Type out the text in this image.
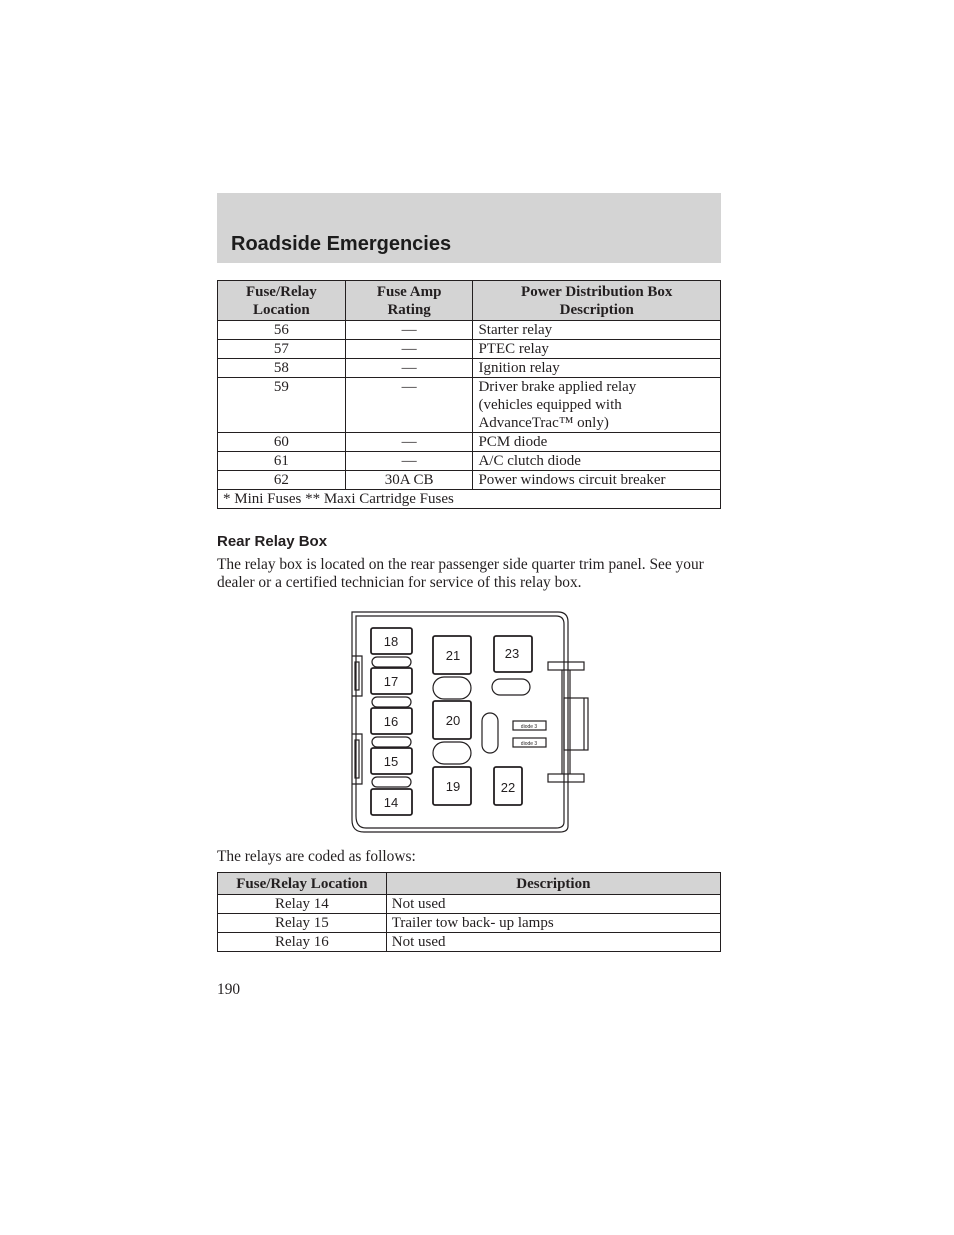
Roadside Emergencies
Fuse/Relay Location	Fuse Amp Rating	Power Distribution Box Description
56	—	Starter relay
57	—	PTEC relay
58	—	Ignition relay
59	—	Driver brake applied relay (vehicles equipped with AdvanceTrac™ only)
60	—	PCM diode
61	—	A/C clutch diode
62	30A CB	Power windows circuit breaker
* Mini Fuses ** Maxi Cartridge Fuses		
Rear Relay Box

The relay box is located on the rear passenger side quarter trim panel. See your dealer or a certified technician for service of this relay box.

18
17
16
15
14
21
20
19
23
22
diode 3
diode 3
The relays are coded as follows:
Fuse/Relay Location	Description
Relay 14	Not used
Relay 15	Trailer tow back- up lamps
Relay 16	Not used
190
